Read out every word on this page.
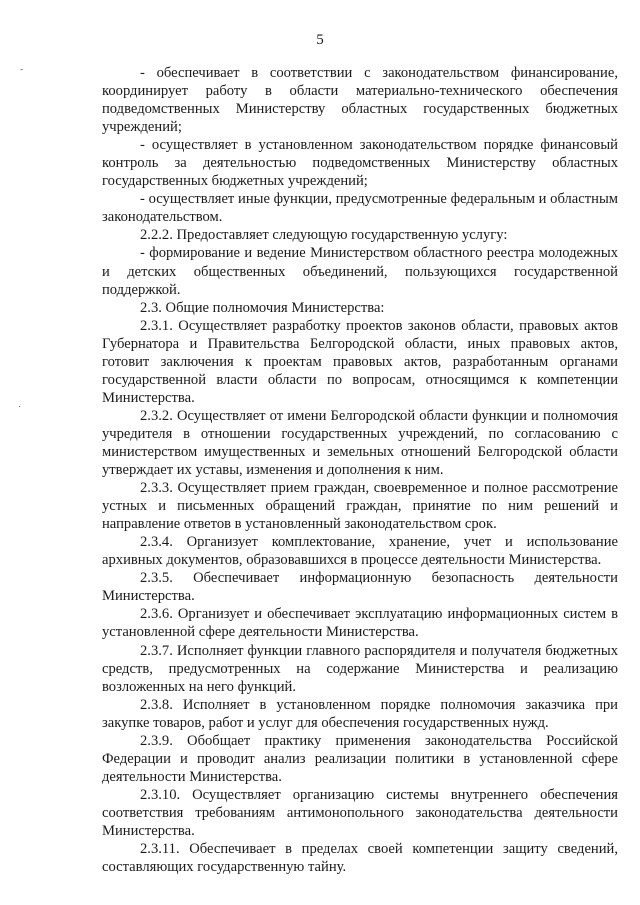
5
˜
˙

- обеспечивает в соответствии с законодательством финансирование, координирует работу в области материально-технического обеспечения подведомственных Министерству областных государственных бюджетных учреждений;

- осуществляет в установленном законодательством порядке финансовый контроль за деятельностью подведомственных Министерству областных государственных бюджетных учреждений;

- осуществляет иные функции, предусмотренные федеральным и областным законодательством.

2.2.2. Предоставляет следующую государственную услугу:

- формирование и ведение Министерством областного реестра молодежных и детских общественных объединений, пользующихся государственной поддержкой.

2.3. Общие полномочия Министерства:

2.3.1. Осуществляет разработку проектов законов области, правовых актов Губернатора и Правительства Белгородской области, иных правовых актов, готовит заключения к проектам правовых актов, разработанным органами государственной власти области по вопросам, относящимся к компетенции Министерства.

2.3.2. Осуществляет от имени Белгородской области функции и полномочия учредителя в отношении государственных учреждений, по согласованию с министерством имущественных и земельных отношений Белгородской области утверждает их уставы, изменения и дополнения к ним.

2.3.3. Осуществляет прием граждан, своевременное и полное рассмотрение устных и письменных обращений граждан, принятие по ним решений и направление ответов в установленный законодательством срок.

2.3.4. Организует комплектование, хранение, учет и использование архивных документов, образовавшихся в процессе деятельности Министерства.

2.3.5. Обеспечивает информационную безопасность деятельности Министерства.

2.3.6. Организует и обеспечивает эксплуатацию информационных систем в установленной сфере деятельности Министерства.

2.3.7. Исполняет функции главного распорядителя и получателя бюджетных средств, предусмотренных на содержание Министерства и реализацию возложенных на него функций.

2.3.8. Исполняет в установленном порядке полномочия заказчика при закупке товаров, работ и услуг для обеспечения государственных нужд.

2.3.9. Обобщает практику применения законодательства Российской Федерации и проводит анализ реализации политики в установленной сфере деятельности Министерства.

2.3.10. Осуществляет организацию системы внутреннего обеспечения соответствия требованиям антимонопольного законодательства деятельности Министерства.

2.3.11. Обеспечивает в пределах своей компетенции защиту сведений, составляющих государственную тайну.
